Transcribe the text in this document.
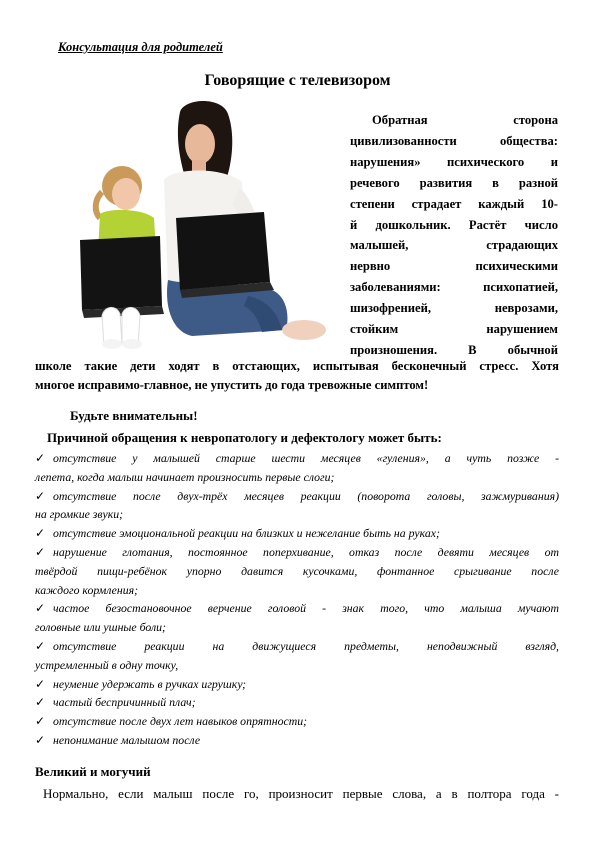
Консультация для родителей
Говорящие с телевизором
Обратная сторона
цивилизованности общества:
нарушения» психического и
речевого развития в разной
степени страдает каждый 10-
й дошкольник. Растёт число
малышей, страдающих
нервно психическими
заболеваниями: психопатией,
шизофренией, неврозами,
стойким нарушением
произношения. В обычной
школе такие дети ходят в отстающих, испытывая бесконечный стресс. Хотя
многое исправимо-главное, не упустить до года тревожные симптом!
Будьте внимательны!
Причиной обращения к невропатологу и дефектологу может быть:
✓ отсутствие у малышей старше шести месяцев «гуления», а чуть позже -
лепета, когда малыш начинает произносить первые слоги;
✓ отсутствие после двух-трёх месяцев реакции (поворота головы, зажмуривания)
на громкие звуки;
✓ отсутствие эмоциональной реакции на близких и нежелание быть на руках;
✓ нарушение глотания, постоянное поперхивание, отказ после девяти месяцев от
твёрдой пищи-ребёнок упорно давится кусочками, фонтанное срыгивание после
каждого кормления;
✓ частое безостановочное верчение головой - знак того, что малыша мучают
головные или ушные боли;
✓ отсутствие реакции на движущиеся предметы, неподвижный взгляд,
устремленный в одну точку,
✓ неумение удержать в ручках игрушку;
✓ частый беспричинный плач;
✓ отсутствие после двух лет навыков опрятности;
✓ непонимание малышом после
Великий и могучий
Нормально, если малыш после го, произносит первые слова, а в полтора года -
